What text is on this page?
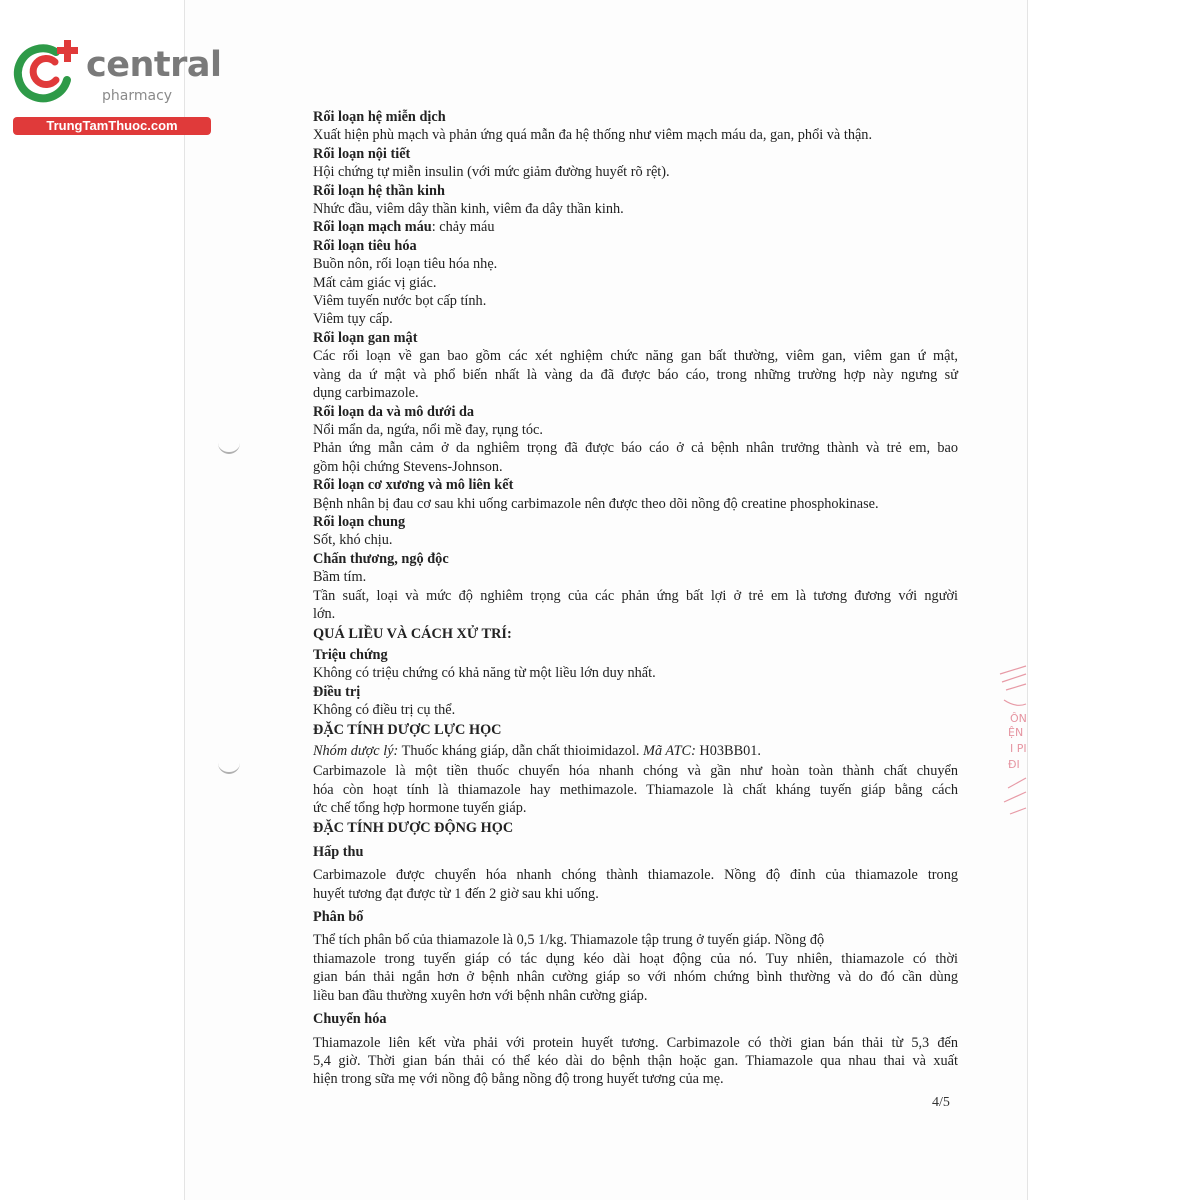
central
pharmacy
TrungTamThuoc.com
ÔN
ỆN
I PI
ĐI

Rối loạn hệ miễn dịch

Xuất hiện phù mạch và phản ứng quá mẫn đa hệ thống như viêm mạch máu da, gan, phổi và thận.

Rối loạn nội tiết

Hội chứng tự miễn insulin (với mức giảm đường huyết rõ rệt).

Rối loạn hệ thần kinh

Nhức đầu, viêm dây thần kinh, viêm đa dây thần kinh.

Rối loạn mạch máu: chảy máu

Rối loạn tiêu hóa

Buồn nôn, rối loạn tiêu hóa nhẹ.

Mất cảm giác vị giác.

Viêm tuyến nước bọt cấp tính.

Viêm tụy cấp.

Rối loạn gan mật

Các rối loạn về gan bao gồm các xét nghiệm chức năng gan bất thường, viêm gan, viêm gan ứ mật,

vàng da ứ mật và phổ biến nhất là vàng da đã được báo cáo, trong những trường hợp này ngưng sử

dụng carbimazole.

Rối loạn da và mô dưới da

Nổi mẩn da, ngứa, nổi mề đay, rụng tóc.

Phản ứng mẫn cảm ở da nghiêm trọng đã được báo cáo ở cả bệnh nhân trưởng thành và trẻ em, bao

gồm hội chứng Stevens-Johnson.

Rối loạn cơ xương và mô liên kết

Bệnh nhân bị đau cơ sau khi uống carbimazole nên được theo dõi nồng độ creatine phosphokinase.

Rối loạn chung

Sốt, khó chịu.

Chấn thương, ngộ độc

Bầm tím.

Tần suất, loại và mức độ nghiêm trọng của các phản ứng bất lợi ở trẻ em là tương đương với người

lớn.

QUÁ LIỀU VÀ CÁCH XỬ TRÍ:

Triệu chứng

Không có triệu chứng có khả năng từ một liều lớn duy nhất.

Điều trị

Không có điều trị cụ thể.

ĐẶC TÍNH DƯỢC LỰC HỌC

Nhóm dược lý: Thuốc kháng giáp, dẫn chất thioimidazol. Mã ATC: H03BB01.

Carbimazole là một tiền thuốc chuyển hóa nhanh chóng và gần như hoàn toàn thành chất chuyển

hóa còn hoạt tính là thiamazole hay methimazole. Thiamazole là chất kháng tuyến giáp bằng cách

ức chế tổng hợp hormone tuyến giáp.

ĐẶC TÍNH DƯỢC ĐỘNG HỌC

Hấp thu

Carbimazole được chuyển hóa nhanh chóng thành thiamazole. Nồng độ đỉnh của thiamazole trong

huyết tương đạt được từ 1 đến 2 giờ sau khi uống.

Phân bố

Thể tích phân bố của thiamazole là 0,5 1/kg. Thiamazole tập trung ở tuyến giáp. Nồng độ

thiamazole trong tuyến giáp có tác dụng kéo dài hoạt động của nó. Tuy nhiên, thiamazole có thời

gian bán thải ngắn hơn ở bệnh nhân cường giáp so với nhóm chứng bình thường và do đó cần dùng

liều ban đầu thường xuyên hơn với bệnh nhân cường giáp.

Chuyển hóa

Thiamazole liên kết vừa phải với protein huyết tương. Carbimazole có thời gian bán thải từ 5,3 đến

5,4 giờ. Thời gian bán thải có thể kéo dài do bệnh thận hoặc gan. Thiamazole qua nhau thai và xuất

hiện trong sữa mẹ với nồng độ bằng nồng độ trong huyết tương của mẹ.

4/5
